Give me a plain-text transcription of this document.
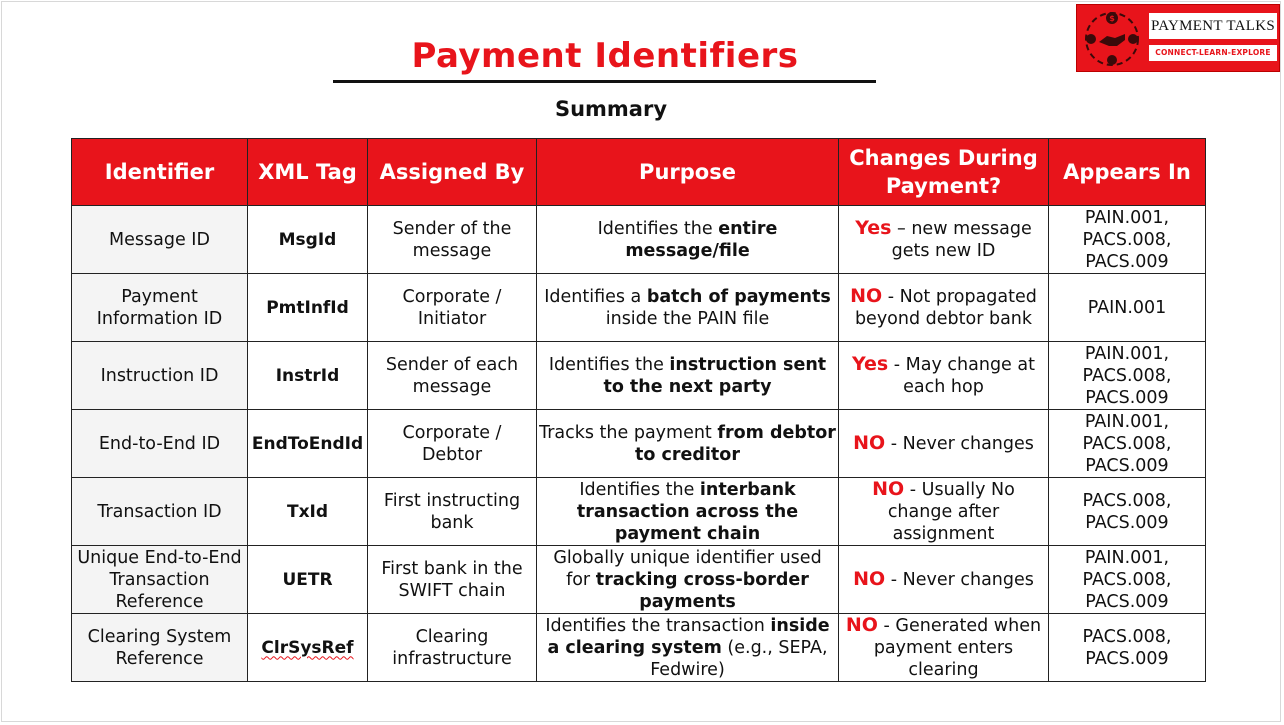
Payment Identifiers
Summary
$ PAYMENT TALKS
CONNECT-LEARN-EXPLORE
Identifier	XML Tag	Assigned By	Purpose	Changes During Payment?	Appears In
Message ID	MsgId	Sender of the message	Identifies the entire message/file	Yes – new message gets new ID	PAIN.001, PACS.008, PACS.009
Payment Information ID	PmtInfId	Corporate / Initiator	Identifies a batch of payments inside the PAIN file	NO - Not propagated beyond debtor bank	PAIN.001
Instruction ID	InstrId	Sender of each message	Identifies the instruction sent to the next party	Yes - May change at each hop	PAIN.001, PACS.008, PACS.009
End-to-End ID	EndToEndId	Corporate / Debtor	Tracks the payment from debtor to creditor	NO - Never changes	PAIN.001, PACS.008, PACS.009
Transaction ID	TxId	First instructing bank	Identifies the interbank transaction across the payment chain	NO - Usually No change after assignment	PACS.008, PACS.009
Unique End-to-End Transaction Reference	UETR	First bank in the SWIFT chain	Globally unique identifier used for tracking cross-border payments	NO - Never changes	PAIN.001, PACS.008, PACS.009
Clearing System Reference	ClrSysRef	Clearing infrastructure	Identifies the transaction inside a clearing system (e.g., SEPA, Fedwire)	NO - Generated when payment enters clearing	PACS.008, PACS.009
